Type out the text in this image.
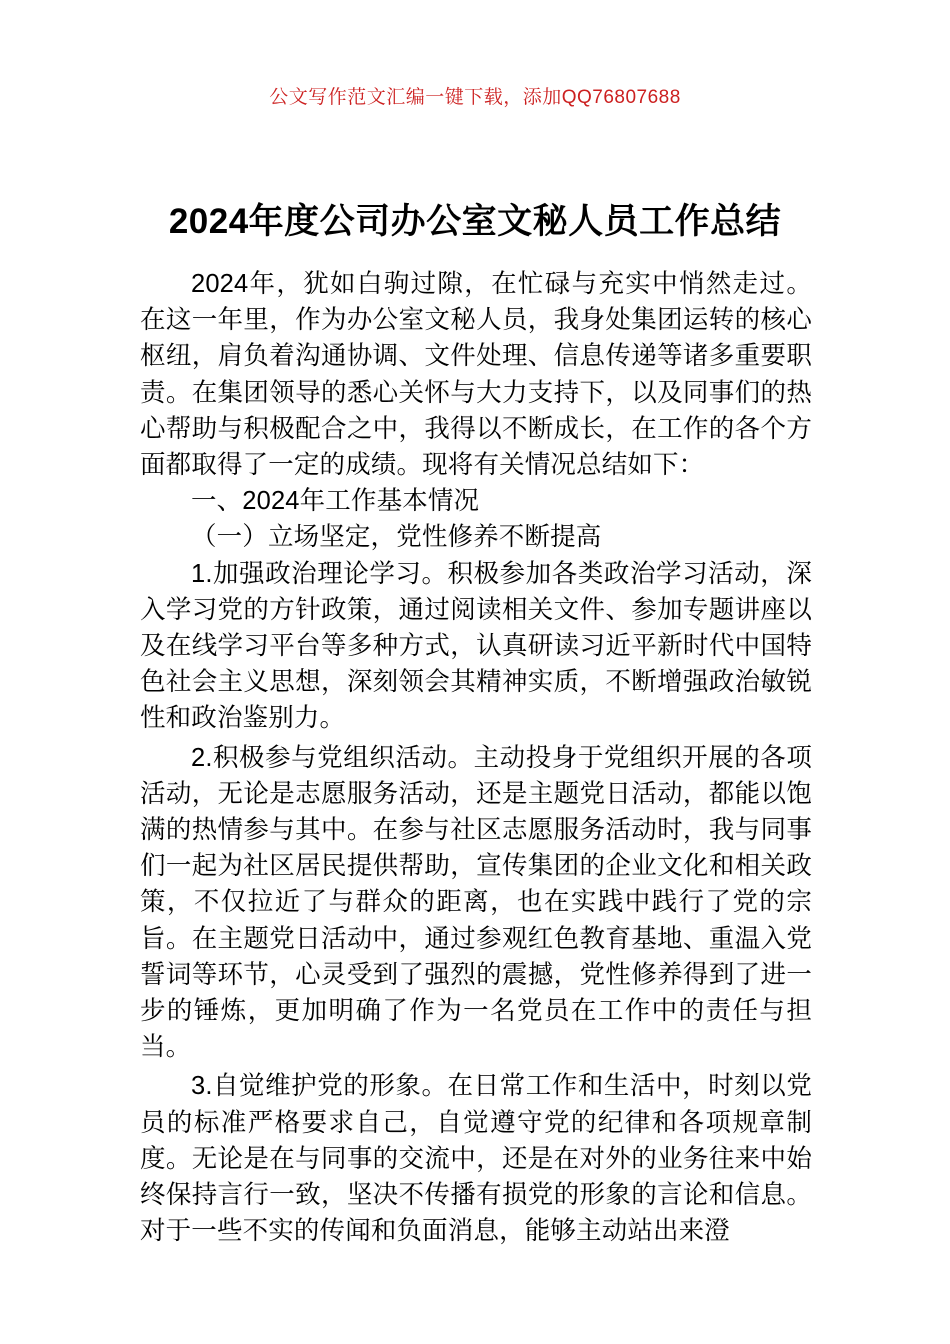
公文写作范文汇编一键下载，添加QQ76807688
2024年度公司办公室文秘人员工作总结

2024年，犹如白驹过隙，在忙碌与充实中悄然走过。在这一年里，作为办公室文秘人员，我身处集团运转的核心枢纽，肩负着沟通协调、文件处理、信息传递等诸多重要职责。在集团领导的悉心关怀与大力支持下，以及同事们的热心帮助与积极配合之中，我得以不断成长，在工作的各个方面都取得了一定的成绩。现将有关情况总结如下：

一、2024年工作基本情况

（一）立场坚定，党性修养不断提高

1.加强政治理论学习。积极参加各类政治学习活动，深入学习党的方针政策，通过阅读相关文件、参加专题讲座以及在线学习平台等多种方式，认真研读习近平新时代中国特色社会主义思想，深刻领会其精神实质，不断增强政治敏锐性和政治鉴别力。

2.积极参与党组织活动。主动投身于党组织开展的各项活动，无论是志愿服务活动，还是主题党日活动，都能以饱满的热情参与其中。在参与社区志愿服务活动时，我与同事们一起为社区居民提供帮助，宣传集团的企业文化和相关政策，不仅拉近了与群众的距离，也在实践中践行了党的宗旨。在主题党日活动中，通过参观红色教育基地、重温入党誓词等环节，心灵受到了强烈的震撼，党性修养得到了进一步的锤炼，更加明确了作为一名党员在工作中的责任与担当。

3.自觉维护党的形象。在日常工作和生活中，时刻以党员的标准严格要求自己，自觉遵守党的纪律和各项规章制度。无论是在与同事的交流中，还是在对外的业务往来中始终保持言行一致，坚决不传播有损党的形象的言论和信息。对于一些不实的传闻和负面消息，能够主动站出来澄
